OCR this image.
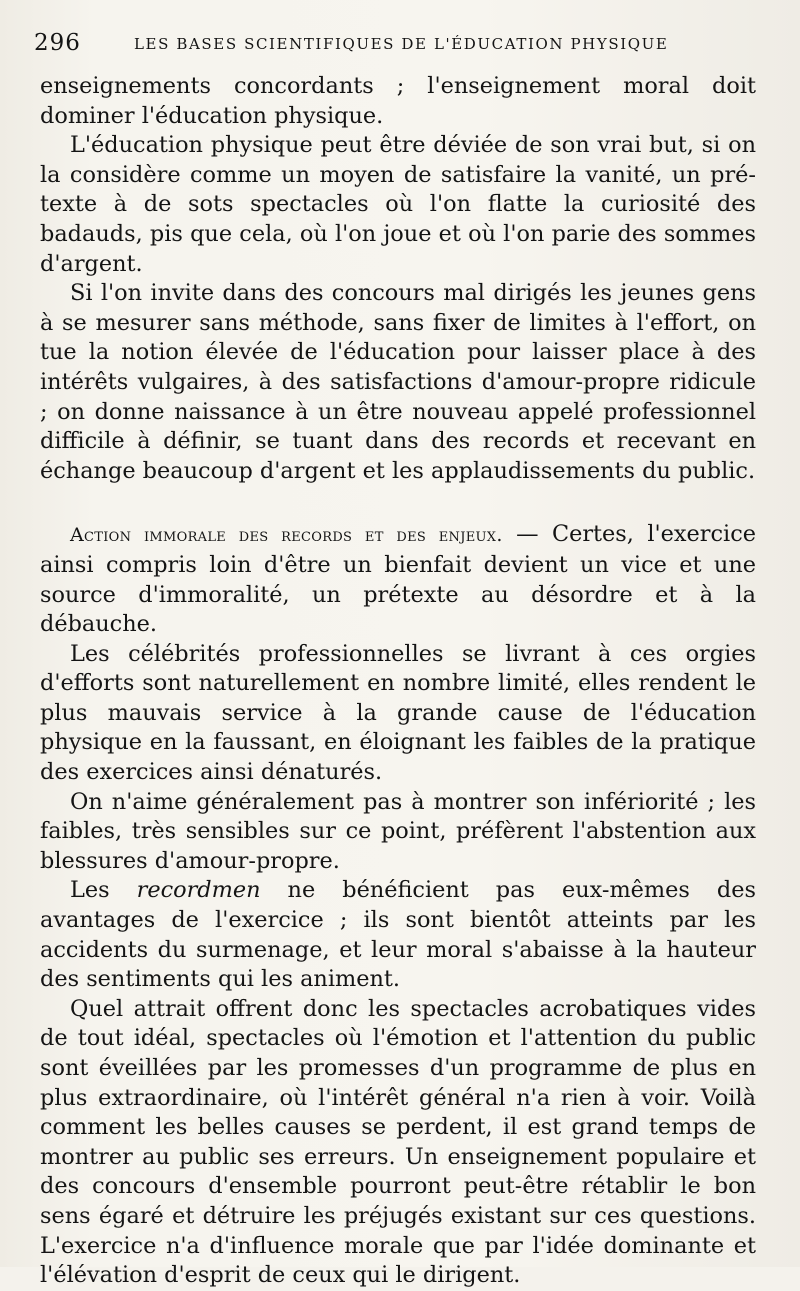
296	LES BASES SCIENTIFIQUES DE L'ÉDUCATION PHYSIQUE

enseignements concordants ; l'enseignement moral doit dominer l'éducation physique.

L'éducation physique peut être déviée de son vrai but, si on la considère comme un moyen de satisfaire la vanité, un prétexte à de sots spectacles où l'on flatte la curiosité des badauds, pis que cela, où l'on joue et où l'on parie des sommes d'argent.

Si l'on invite dans des concours mal dirigés les jeunes gens à se mesurer sans méthode, sans fixer de limites à l'effort, on tue la notion élevée de l'éducation pour laisser place à des intérêts vulgaires, à des satisfactions d'amour-propre ridicule ; on donne naissance à un être nouveau appelé professionnel difficile à définir, se tuant dans des records et recevant en échange beaucoup d'argent et les applaudissements du public.

Action immorale des records et des enjeux. — Certes, l'exercice ainsi compris loin d'être un bienfait devient un vice et une source d'immoralité, un prétexte au désordre et à la débauche.

Les célébrités professionnelles se livrant à ces orgies d'efforts sont naturellement en nombre limité, elles rendent le plus mauvais service à la grande cause de l'éducation physique en la faussant, en éloignant les faibles de la pratique des exercices ainsi dénaturés.

On n'aime généralement pas à montrer son infériorité ; les faibles, très sensibles sur ce point, préfèrent l'abstention aux blessures d'amour-propre.

Les recordmen ne bénéficient pas eux-mêmes des avantages de l'exercice ; ils sont bientôt atteints par les accidents du surmenage, et leur moral s'abaisse à la hauteur des sentiments qui les animent.

Quel attrait offrent donc les spectacles acrobatiques vides de tout idéal, spectacles où l'émotion et l'attention du public sont éveillées par les promesses d'un programme de plus en plus extraordinaire, où l'intérêt général n'a rien à voir. Voilà comment les belles causes se perdent, il est grand temps de montrer au public ses erreurs. Un enseignement populaire et des concours d'ensemble pourront peut-être rétablir le bon sens égaré et détruire les préjugés existant sur ces questions. L'exercice n'a d'influence morale que par l'idée dominante et l'élévation d'esprit de ceux qui le dirigent.
